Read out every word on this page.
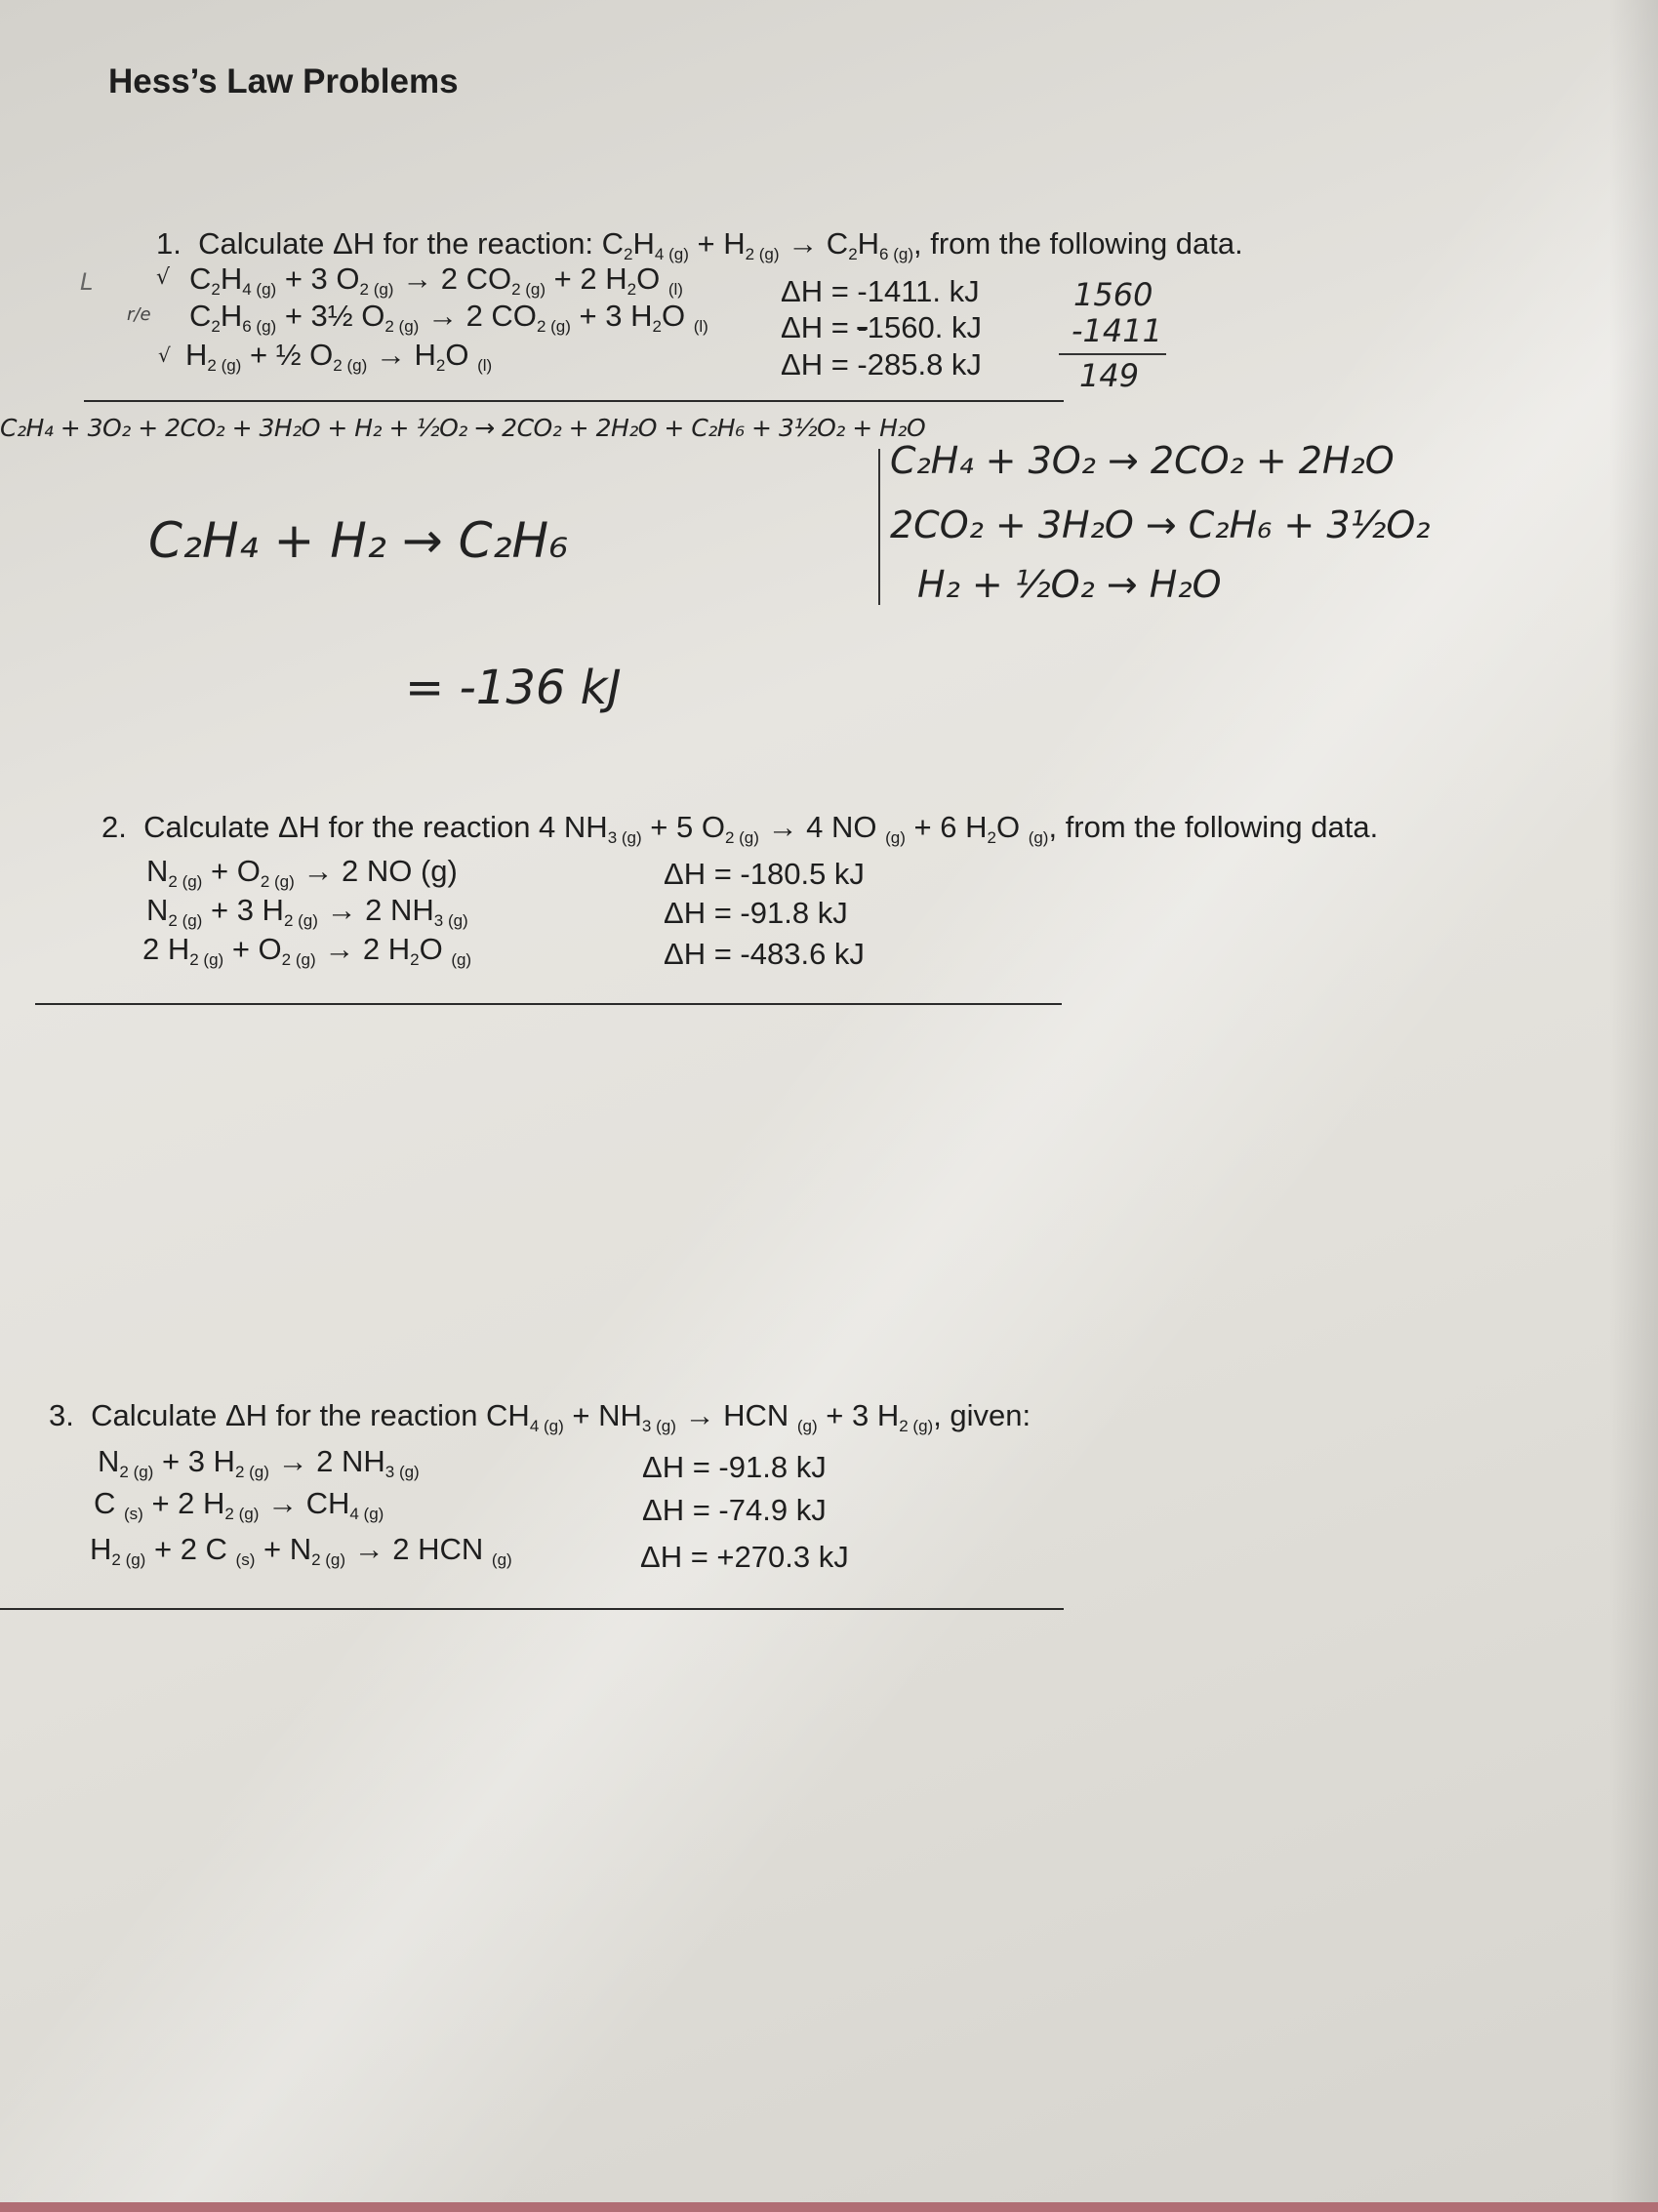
Hess’s Law Problems
1. Calculate ΔH for the reaction: $C_2H_{4 (g)} + H_{2 (g)} \to C_2H_{6 (g)}$, from the following data.
√ $C_2H_{4 (g)} + 3$ $O_{2 (g)} \to 2$ $CO_{2 (g)} + 2$ $H_2O$ $_{(l)}$	ΔH = -1411. kJ
r/e $C_2H_{6 (g)}$ + 3½ $O_{2 (g)} \to 2$ $CO_{2 (g)} + 3$ $H_2O$ $_{(l)}$ ΔH = -1560. kJ
√ $H_{2 (g)}$ + ½ $O_{2 (g)} \to H_2O$ $_{(l)}$	ΔH = -285.8 kJ
L	1560
-1411
149
C₂H₄ + 3O₂ + 2CO₂ + 3H₂O + H₂ + ½O₂ → 2CO₂ + 2H₂O + C₂H₆ + 3½O₂ + H₂O
C₂H₄ + 3O₂ → 2CO₂ + 2H₂O
2CO₂ + 3H₂O → C₂H₆ + 3½O₂
H₂ + ½O₂ → H₂O
C₂H₄ + H₂ → C₂H₆
= -136 kJ
2. Calculate ΔH for the reaction 4 $NH_{3 (g)} + 5$ $O_{2 (g)} \to 4$ NO $_{(g)}$ + 6 $H_2O$ $_{(g)}$, from the following data.
$N_{2 (g)} + O_{2 (g)} \to 2$ NO (g)	ΔH = -180.5 kJ
$N_{2 (g)} + 3$ $H_{2 (g)} \to 2$ $NH_{3 (g)}$	ΔH = -91.8 kJ
2 $H_{2 (g)} + O_{2 (g)} \to 2$ $H_2O$ $_{(g)}$	ΔH = -483.6 kJ
3. Calculate ΔH for the reaction $CH_{4 (g)} + NH_{3 (g)}$ → HCN $_{(g)}$ + 3 $H_{2 (g)}$, given:
$N_{2 (g)} + 3$ $H_{2 (g)} \to 2$ $NH_{3 (g)}$	ΔH = -91.8 kJ
C $_{(s)}$ + 2 $H_{2 (g)} \to CH_{4 (g)}$	ΔH = -74.9 kJ
$H_{2 (g)} + 2$ C $_{(s)} + N_{2 (g)} \to 2$ HCN $_{(g)}$	ΔH = +270.3 kJ
